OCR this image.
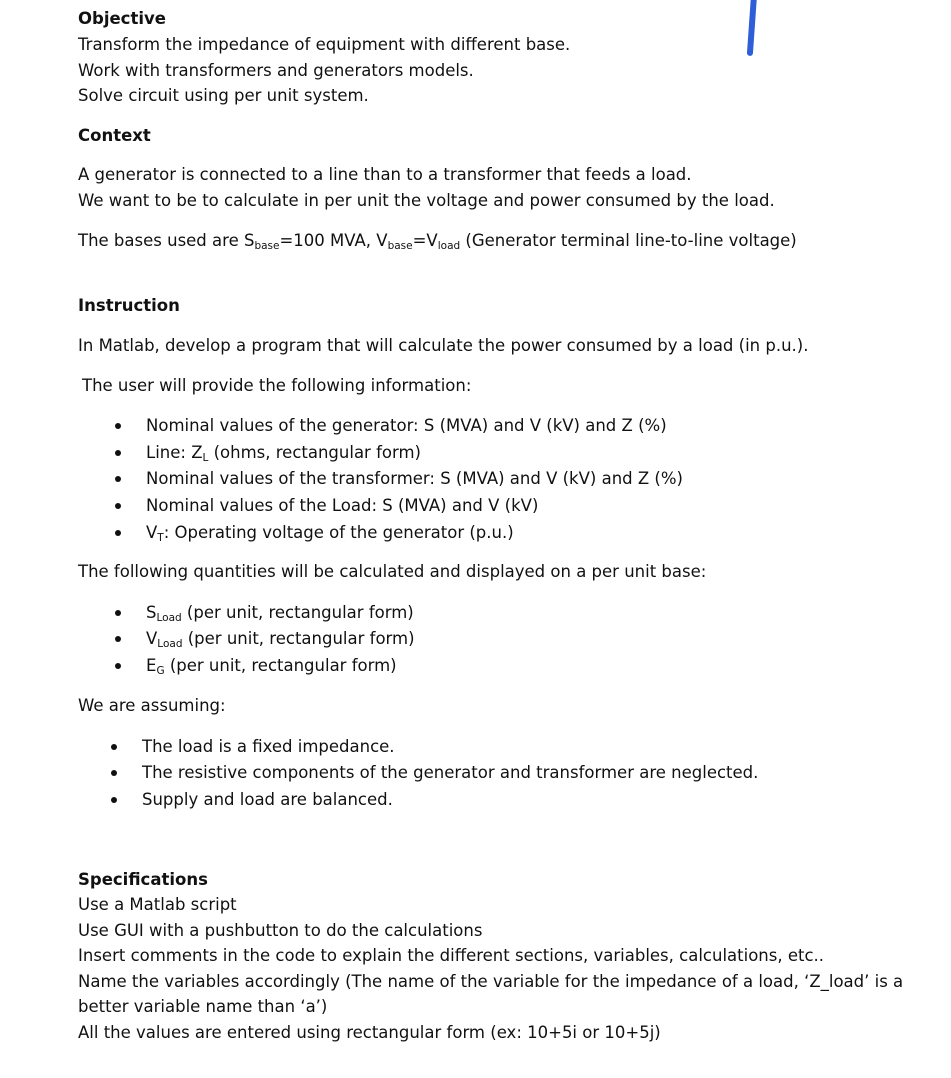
Objective
Transform the impedance of equipment with different base.
Work with transformers and generators models.
Solve circuit using per unit system.
Context
A generator is connected to a line than to a transformer that feeds a load.
We want to be to calculate in per unit the voltage and power consumed by the load.
The bases used are $S_{base}=100$ MVA, $V_{base}=V_{load}$ (Generator terminal line-to-line voltage)
Instruction
In Matlab, develop a program that will calculate the power consumed by a load (in p.u.).
The user will provide the following information:
Nominal values of the generator: S (MVA) and V (kV) and Z (%)
Line: $Z_L$ (ohms, rectangular form)
Nominal values of the transformer: S (MVA) and V (kV) and Z (%)
Nominal values of the Load: S (MVA) and V (kV)
$V_T$: Operating voltage of the generator (p.u.)
The following quantities will be calculated and displayed on a per unit base:
$S_{Load}$ (per unit, rectangular form)
$V_{Load}$ (per unit, rectangular form)
$E_G$ (per unit, rectangular form)
We are assuming:
The load is a fixed impedance.
The resistive components of the generator and transformer are neglected.
Supply and load are balanced.
Specifications
Use a Matlab script
Use GUI with a pushbutton to do the calculations
Insert comments in the code to explain the different sections, variables, calculations, etc..
Name the variables accordingly (The name of the variable for the impedance of a load, ‘Z_load’ is a
better variable name than ‘a’)
All the values are entered using rectangular form (ex: 10+5i or 10+5j)
